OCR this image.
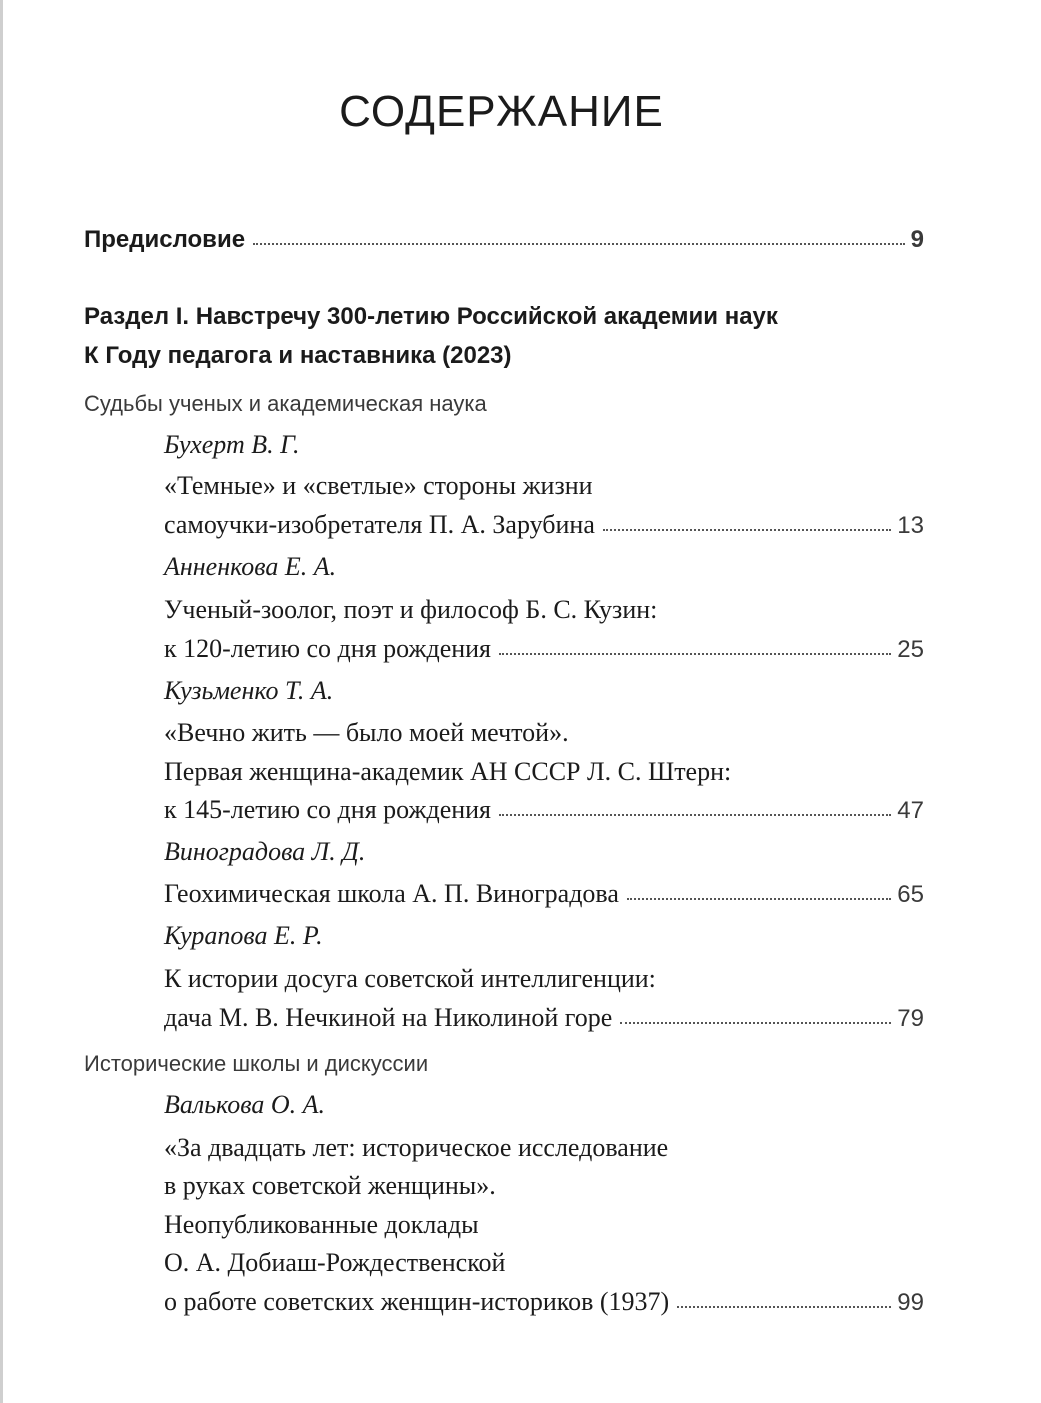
СОДЕРЖАНИЕ
Предисловие	9
Раздел I. Навстречу 300-летию Российской академии наук
К Году педагога и наставника (2023)
Судьбы ученых и академическая наука
Бухерт В. Г.
«Темные» и «светлые» стороны жизни
самоучки-изобретателя П. А. Зарубина	13
Анненкова Е. А.
Ученый-зоолог, поэт и философ Б. С. Кузин:
к 120-летию со дня рождения	25
Кузьменко Т. А.
«Вечно жить — было моей мечтой».
Первая женщина-академик АН СССР Л. С. Штерн:
к 145-летию со дня рождения	47
Виноградова Л. Д.
Геохимическая школа А. П. Виноградова	65
Курапова Е. Р.
К истории досуга советской интеллигенции:
дача М. В. Нечкиной на Николиной горе	79
Исторические школы и дискуссии
Валькова О. А.
«За двадцать лет: историческое исследование
в руках советской женщины».
Неопубликованные доклады
О. А. Добиаш-Рождественской
о работе советских женщин-историков (1937)	99
